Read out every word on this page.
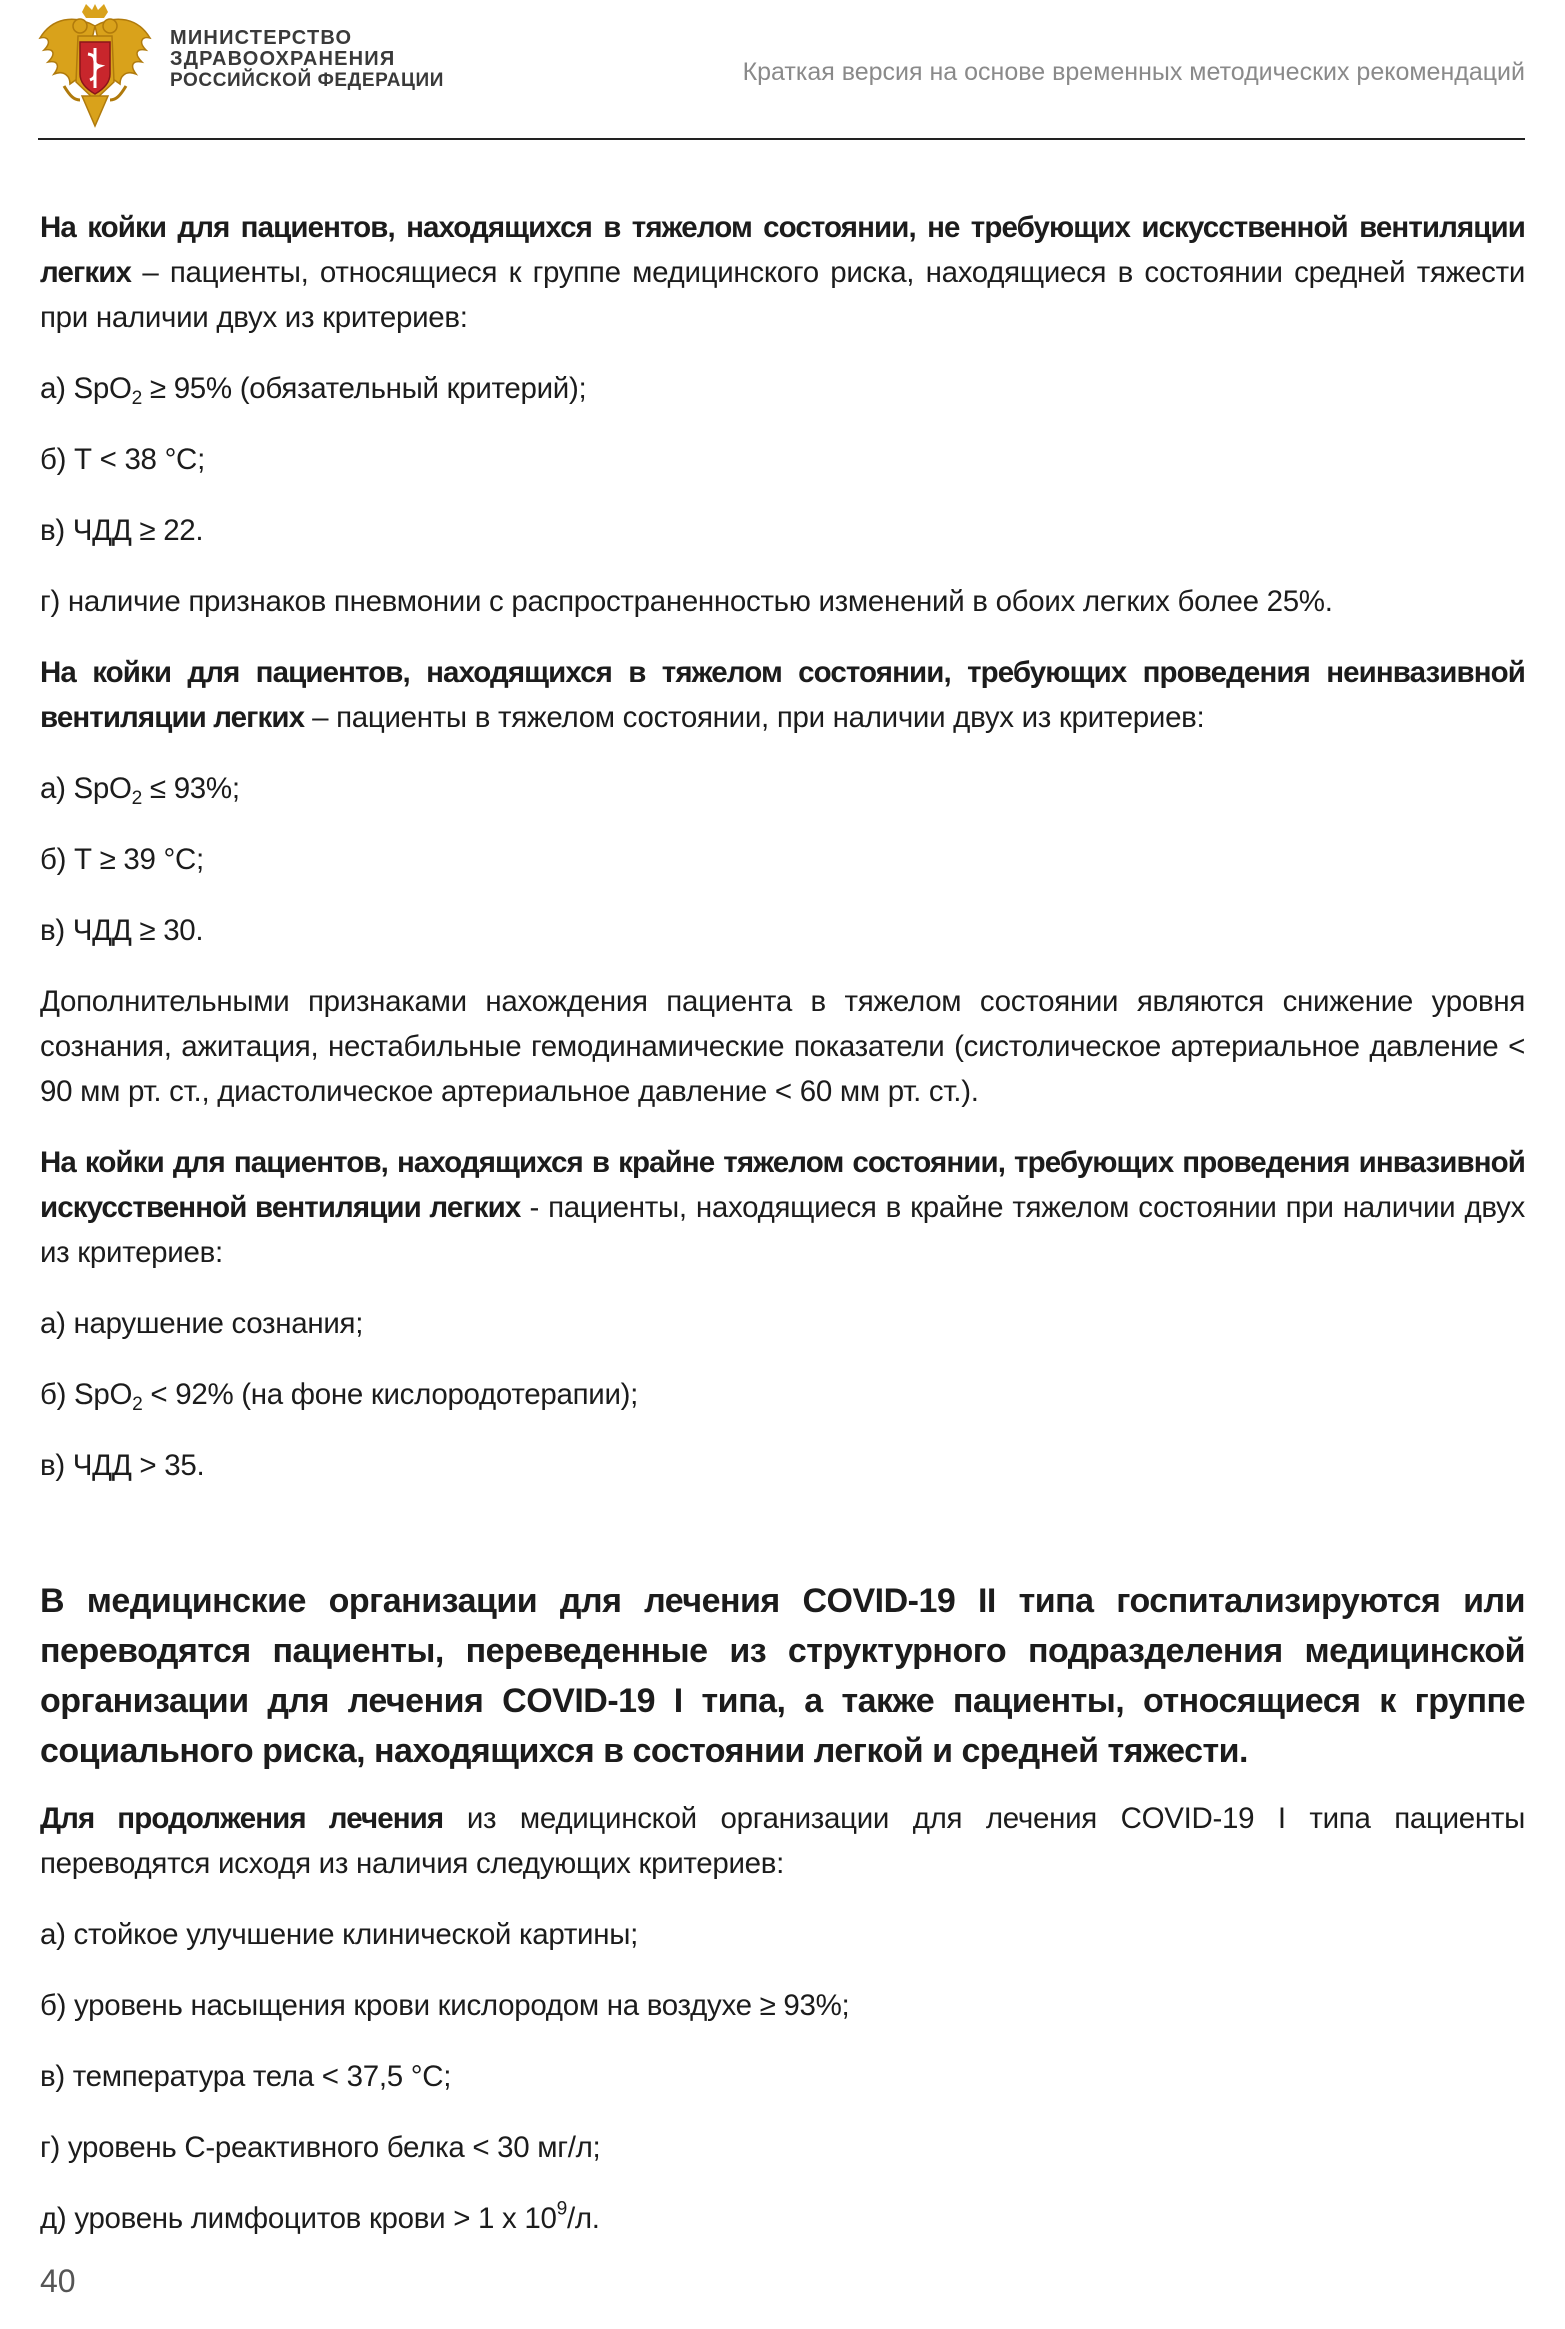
МИНИСТЕРСТВО
ЗДРАВООХРАНЕНИЯ
РОССИЙСКОЙ ФЕДЕРАЦИИ	Краткая версия на основе временных методических рекомендаций

На койки для пациентов, находящихся в тяжелом состоянии, не требующих искусственной вентиляции легких – пациенты, относящиеся к группе медицинского риска, находящиеся в состоянии средней тяжести при наличии двух из критериев:

а) SpO$_2$ ≥ 95% (обязательный критерий);

б) Т < 38 °С;

в) ЧДД ≥ 22.

г) наличие признаков пневмонии с распространенностью изменений в обоих легких более 25%.

На койки для пациентов, находящихся в тяжелом состоянии, требующих проведения неинвазивной вентиляции легких – пациенты в тяжелом состоянии, при наличии двух из критериев:

а) SpO$_2$ ≤ 93%;

б) Т ≥ 39 °С;

в) ЧДД ≥ 30.

Дополнительными признаками нахождения пациента в тяжелом состоянии являются снижение уровня сознания, ажитация, нестабильные гемодинамические показатели (систолическое артериальное давление < 90 мм рт. ст., диастолическое артериальное давление < 60 мм рт. ст.).

На койки для пациентов, находящихся в крайне тяжелом состоянии, требующих проведения инвазивной искусственной вентиляции легких - пациенты, находящиеся в крайне тяжелом состоянии при наличии двух из критериев:

а) нарушение сознания;

б) SpO$_2$ < 92% (на фоне кислородотерапии);

в) ЧДД > 35.

В медицинские организации для лечения COVID-19 II типа госпитализируются или переводятся пациенты, переведенные из структурного подразделения медицинской организации для лечения COVID-19 I типа, а также пациенты, относящиеся к группе социального риска, находящихся в состоянии легкой и средней тяжести.

Для продолжения лечения из медицинской организации для лечения COVID-19 I типа пациенты переводятся исходя из наличия следующих критериев:

а) стойкое улучшение клинической картины;

б) уровень насыщения крови кислородом на воздухе ≥ 93%;

в) температура тела < 37,5 °С;

г) уровень С-реактивного белка < 30 мг/л;

д) уровень лимфоцитов крови > 1 х $10^9/л$.

40
